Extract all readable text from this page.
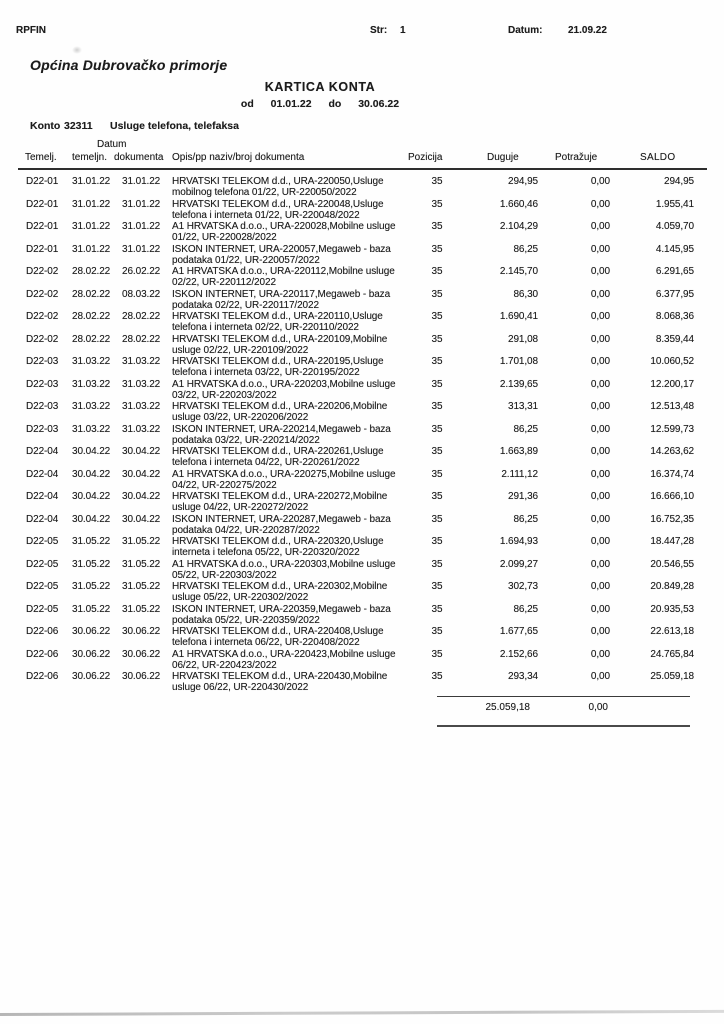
RPFIN	Str: 1	Datum:	21.09.22
Općina Dubrovačko primorje
KARTICA KONTA
od 01.01.22 do 30.06.22
Konto 32311 Usluge telefona, telefaksa
Datum
Temelj. temeljn. dokumenta Opis/pp naziv/broj dokumenta	Pozicija	Duguje	Potražuje	SALDO
D22-01	31.01.22	31.01.22	HRVATSKI TELEKOM d.d., URA-220050,Usluge
mobilnog telefona 01/22, UR-220050/2022
35	294,95	0,00	294,95
D22-01	31.01.22	31.01.22	HRVATSKI TELEKOM d.d., URA-220048,Usluge
telefona i interneta 01/22, UR-220048/2022
35	1.660,46	0,00	1.955,41
D22-01	31.01.22	31.01.22	A1 HRVATSKA d.o.o., URA-220028,Mobilne usluge
01/22, UR-220028/2022
35	2.104,29	0,00	4.059,70
D22-01	31.01.22	31.01.22	ISKON INTERNET, URA-220057,Megaweb - baza
podataka 01/22, UR-220057/2022
35	86,25	0,00	4.145,95
D22-02	28.02.22	26.02.22	A1 HRVATSKA d.o.o., URA-220112,Mobilne usluge
02/22, UR-220112/2022
35	2.145,70	0,00	6.291,65
D22-02	28.02.22	08.03.22	ISKON INTERNET, URA-220117,Megaweb - baza
podataka 02/22, UR-220117/2022
35	86,30	0,00	6.377,95
D22-02	28.02.22	28.02.22	HRVATSKI TELEKOM d.d., URA-220110,Usluge
telefona i interneta 02/22, UR-220110/2022
35	1.690,41	0,00	8.068,36
D22-02	28.02.22	28.02.22	HRVATSKI TELEKOM d.d., URA-220109,Mobilne
usluge 02/22, UR-220109/2022
35	291,08	0,00	8.359,44
D22-03	31.03.22	31.03.22	HRVATSKI TELEKOM d.d., URA-220195,Usluge
telefona i interneta 03/22, UR-220195/2022
35	1.701,08	0,00	10.060,52
D22-03	31.03.22	31.03.22	A1 HRVATSKA d.o.o., URA-220203,Mobilne usluge
03/22, UR-220203/2022
35	2.139,65	0,00	12.200,17
D22-03	31.03.22	31.03.22	HRVATSKI TELEKOM d.d., URA-220206,Mobilne
usluge 03/22, UR-220206/2022
35	313,31	0,00	12.513,48
D22-03	31.03.22	31.03.22	ISKON INTERNET, URA-220214,Megaweb - baza
podataka 03/22, UR-220214/2022
35	86,25	0,00	12.599,73
D22-04	30.04.22	30.04.22	HRVATSKI TELEKOM d.d., URA-220261,Usluge
telefona i interneta 04/22, UR-220261/2022
35	1.663,89	0,00	14.263,62
D22-04	30.04.22	30.04.22	A1 HRVATSKA d.o.o., URA-220275,Mobilne usluge
04/22, UR-220275/2022
35	2.111,12	0,00	16.374,74
D22-04	30.04.22	30.04.22	HRVATSKI TELEKOM d.d., URA-220272,Mobilne
usluge 04/22, UR-220272/2022
35	291,36	0,00	16.666,10
D22-04	30.04.22	30.04.22	ISKON INTERNET, URA-220287,Megaweb - baza
podataka 04/22, UR-220287/2022
35	86,25	0,00	16.752,35
D22-05	31.05.22	31.05.22	HRVATSKI TELEKOM d.d., URA-220320,Usluge
interneta i telefona 05/22, UR-220320/2022
35	1.694,93	0,00	18.447,28
D22-05	31.05.22	31.05.22	A1 HRVATSKA d.o.o., URA-220303,Mobilne usluge
05/22, UR-220303/2022
35	2.099,27	0,00	20.546,55
D22-05	31.05.22	31.05.22	HRVATSKI TELEKOM d.d., URA-220302,Mobilne
usluge 05/22, UR-220302/2022
35	302,73	0,00	20.849,28
D22-05	31.05.22	31.05.22	ISKON INTERNET, URA-220359,Megaweb - baza
podataka 05/22, UR-220359/2022
35	86,25	0,00	20.935,53
D22-06	30.06.22	30.06.22	HRVATSKI TELEKOM d.d., URA-220408,Usluge
telefona i interneta 06/22, UR-220408/2022
35	1.677,65	0,00	22.613,18
D22-06	30.06.22	30.06.22	A1 HRVATSKA d.o.o., URA-220423,Mobilne usluge
06/22, UR-220423/2022
35	2.152,66	0,00	24.765,84
D22-06	30.06.22	30.06.22	HRVATSKI TELEKOM d.d., URA-220430,Mobilne
usluge 06/22, UR-220430/2022
35	293,34	0,00	25.059,18
25.059,18	0,00
